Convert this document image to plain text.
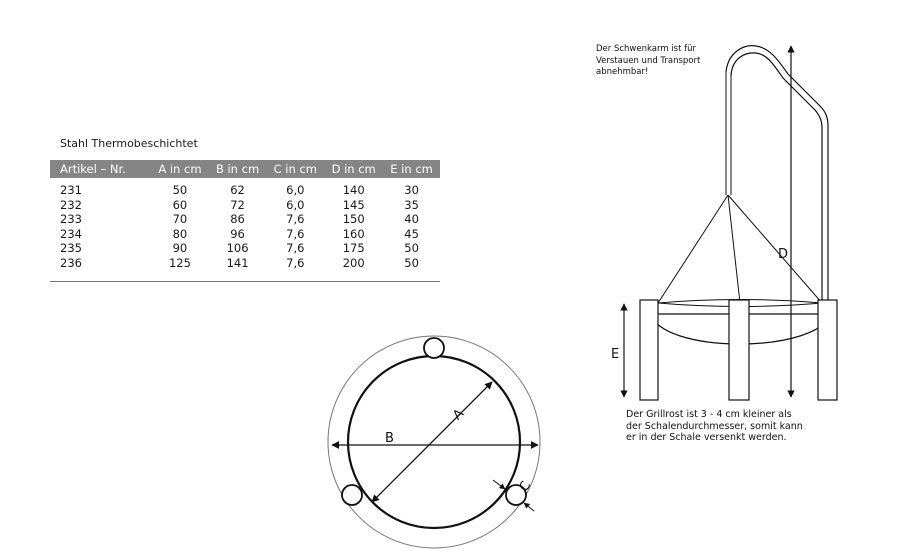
Stahl Thermobeschichtet
Artikel – Nr.	A in cm	B in cm	C in cm	D in cm	E in cm

231	50	62	6,0	140	30
232	60	72	6,0	145	35
233	70	86	7,6	150	40
234	80	96	7,6	160	45
235	90	106	7,6	175	50
236	125	141	7,6	200	50
B
A
C
D
E
Der Schwenkarm ist für
Verstauen und Transport
abnehmbar!
Der Grillrost ist 3 - 4 cm kleiner als
der Schalendurchmesser, somit kann
er in der Schale versenkt werden.
